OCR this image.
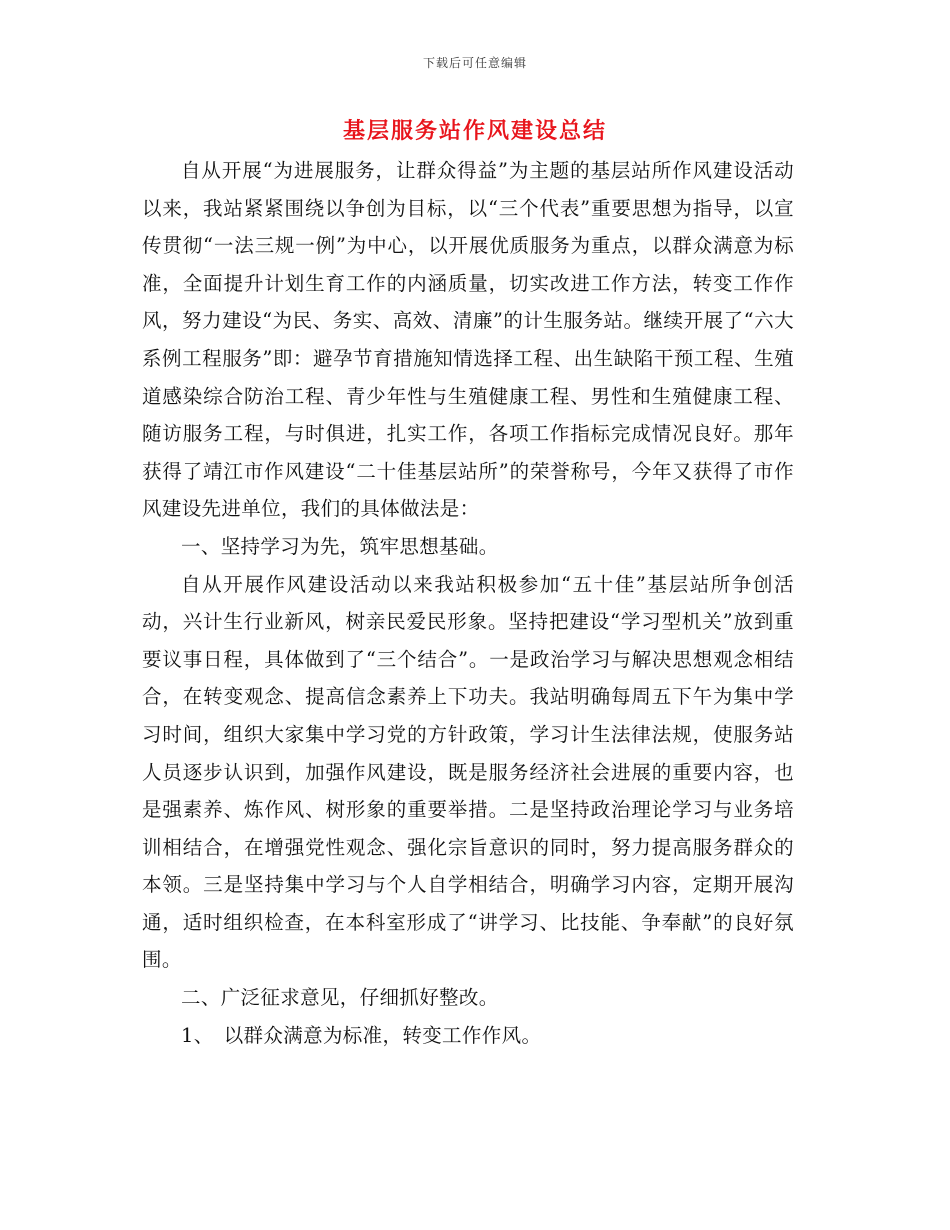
下载后可任意编辑
基层服务站作风建设总结

自从开展“为进展服务，让群众得益”为主题的基层站所作风建设活动以来，我站紧紧围绕以争创为目标，以“三个代表”重要思想为指导，以宣传贯彻“一法三规一例”为中心，以开展优质服务为重点，以群众满意为标准，全面提升计划生育工作的内涵质量，切实改进工作方法，转变工作作风，努力建设“为民、务实、高效、清廉”的计生服务站。继续开展了“六大系例工程服务”即：避孕节育措施知情选择工程、出生缺陷干预工程、生殖道感染综合防治工程、青少年性与生殖健康工程、男性和生殖健康工程、随访服务工程，与时俱进，扎实工作，各项工作指标完成情况良好。那年获得了靖江市作风建设“二十佳基层站所”的荣誉称号，今年又获得了市作风建设先进单位，我们的具体做法是：

一、坚持学习为先，筑牢思想基础。

自从开展作风建设活动以来我站积极参加“五十佳”基层站所争创活动，兴计生行业新风，树亲民爱民形象。坚持把建设“学习型机关”放到重要议事日程，具体做到了“三个结合”。一是政治学习与解决思想观念相结合，在转变观念、提高信念素养上下功夫。我站明确每周五下午为集中学习时间，组织大家集中学习党的方针政策，学习计生法律法规，使服务站人员逐步认识到，加强作风建设，既是服务经济社会进展的重要内容，也是强素养、炼作风、树形象的重要举措。二是坚持政治理论学习与业务培训相结合，在增强党性观念、强化宗旨意识的同时，努力提高服务群众的本领。三是坚持集中学习与个人自学相结合，明确学习内容，定期开展沟通，适时组织检查，在本科室形成了“讲学习、比技能、争奉献”的良好氛围。

二、广泛征求意见，仔细抓好整改。

1、　以群众满意为标准，转变工作作风。
